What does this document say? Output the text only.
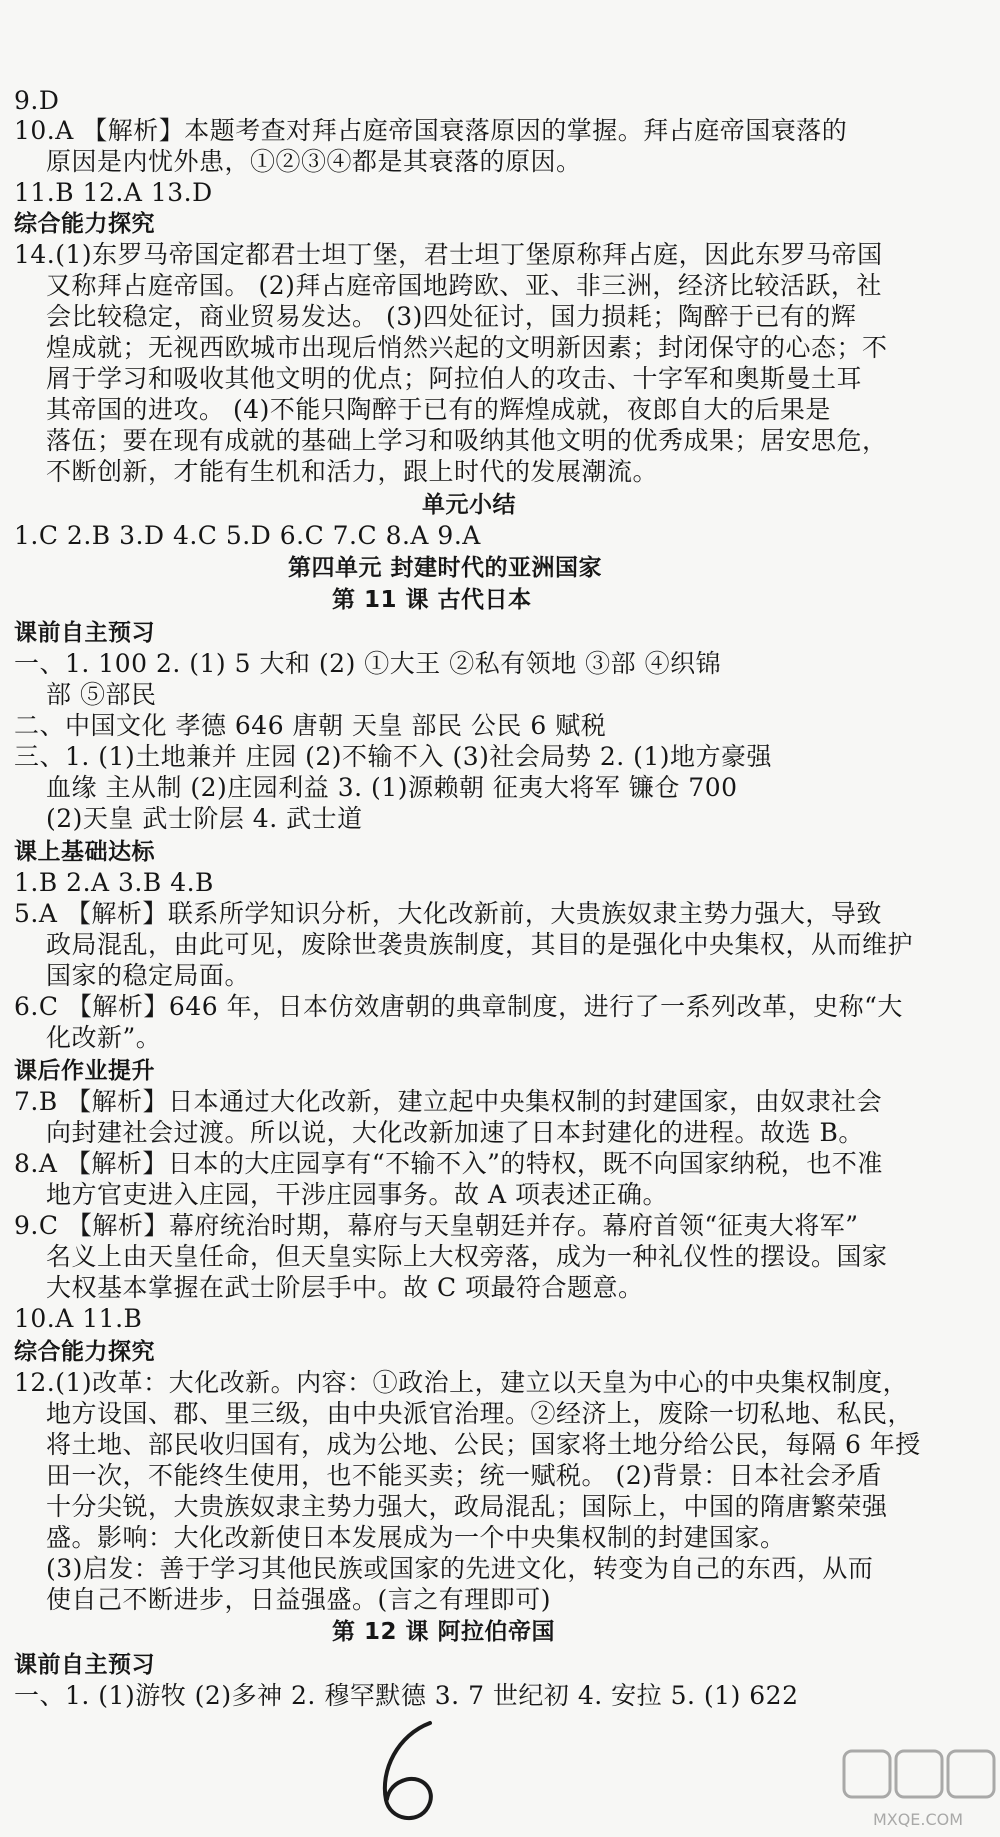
9.D
10.A 【解析】本题考查对拜占庭帝国衰落原因的掌握。拜占庭帝国衰落的
原因是内忧外患，①②③④都是其衰落的原因。
11.B 12.A 13.D
综合能力探究
14.(1)东罗马帝国定都君士坦丁堡，君士坦丁堡原称拜占庭，因此东罗马帝国
又称拜占庭帝国。 (2)拜占庭帝国地跨欧、亚、非三洲，经济比较活跃，社
会比较稳定，商业贸易发达。 (3)四处征讨，国力损耗；陶醉于已有的辉
煌成就；无视西欧城市出现后悄然兴起的文明新因素；封闭保守的心态；不
屑于学习和吸收其他文明的优点；阿拉伯人的攻击、十字军和奥斯曼土耳
其帝国的进攻。 (4)不能只陶醉于已有的辉煌成就，夜郎自大的后果是
落伍；要在现有成就的基础上学习和吸纳其他文明的优秀成果；居安思危，
不断创新，才能有生机和活力，跟上时代的发展潮流。
单元小结
1.C 2.B 3.D 4.C 5.D 6.C 7.C 8.A 9.A
第四单元 封建时代的亚洲国家
第 11 课 古代日本
课前自主预习
一、1. 100 2. (1) 5 大和 (2) ①大王 ②私有领地 ③部 ④织锦
部 ⑤部民
二、中国文化 孝德 646 唐朝 天皇 部民 公民 6 赋税
三、1. (1)土地兼并 庄园 (2)不输不入 (3)社会局势 2. (1)地方豪强
血缘 主从制 (2)庄园利益 3. (1)源赖朝 征夷大将军 镰仓 700
(2)天皇 武士阶层 4. 武士道
课上基础达标
1.B 2.A 3.B 4.B
5.A 【解析】联系所学知识分析，大化改新前，大贵族奴隶主势力强大，导致
政局混乱，由此可见，废除世袭贵族制度，其目的是强化中央集权，从而维护
国家的稳定局面。
6.C 【解析】646 年，日本仿效唐朝的典章制度，进行了一系列改革，史称“大
化改新”。
课后作业提升
7.B 【解析】日本通过大化改新，建立起中央集权制的封建国家，由奴隶社会
向封建社会过渡。所以说，大化改新加速了日本封建化的进程。故选 B。
8.A 【解析】日本的大庄园享有“不输不入”的特权，既不向国家纳税，也不准
地方官吏进入庄园，干涉庄园事务。故 A 项表述正确。
9.C 【解析】幕府统治时期，幕府与天皇朝廷并存。幕府首领“征夷大将军”
名义上由天皇任命，但天皇实际上大权旁落，成为一种礼仪性的摆设。国家
大权基本掌握在武士阶层手中。故 C 项最符合题意。
10.A 11.B
综合能力探究
12.(1)改革：大化改新。内容：①政治上，建立以天皇为中心的中央集权制度，
地方设国、郡、里三级，由中央派官治理。②经济上，废除一切私地、私民，
将土地、部民收归国有，成为公地、公民；国家将土地分给公民，每隔 6 年授
田一次，不能终生使用，也不能买卖；统一赋税。 (2)背景：日本社会矛盾
十分尖锐，大贵族奴隶主势力强大，政局混乱；国际上，中国的隋唐繁荣强
盛。影响：大化改新使日本发展成为一个中央集权制的封建国家。
(3)启发：善于学习其他民族或国家的先进文化，转变为自己的东西，从而
使自己不断进步，日益强盛。(言之有理即可)
第 12 课 阿拉伯帝国
课前自主预习
一、1. (1)游牧 (2)多神 2. 穆罕默德 3. 7 世纪初 4. 安拉 5. (1) 622
MXQE.COM
